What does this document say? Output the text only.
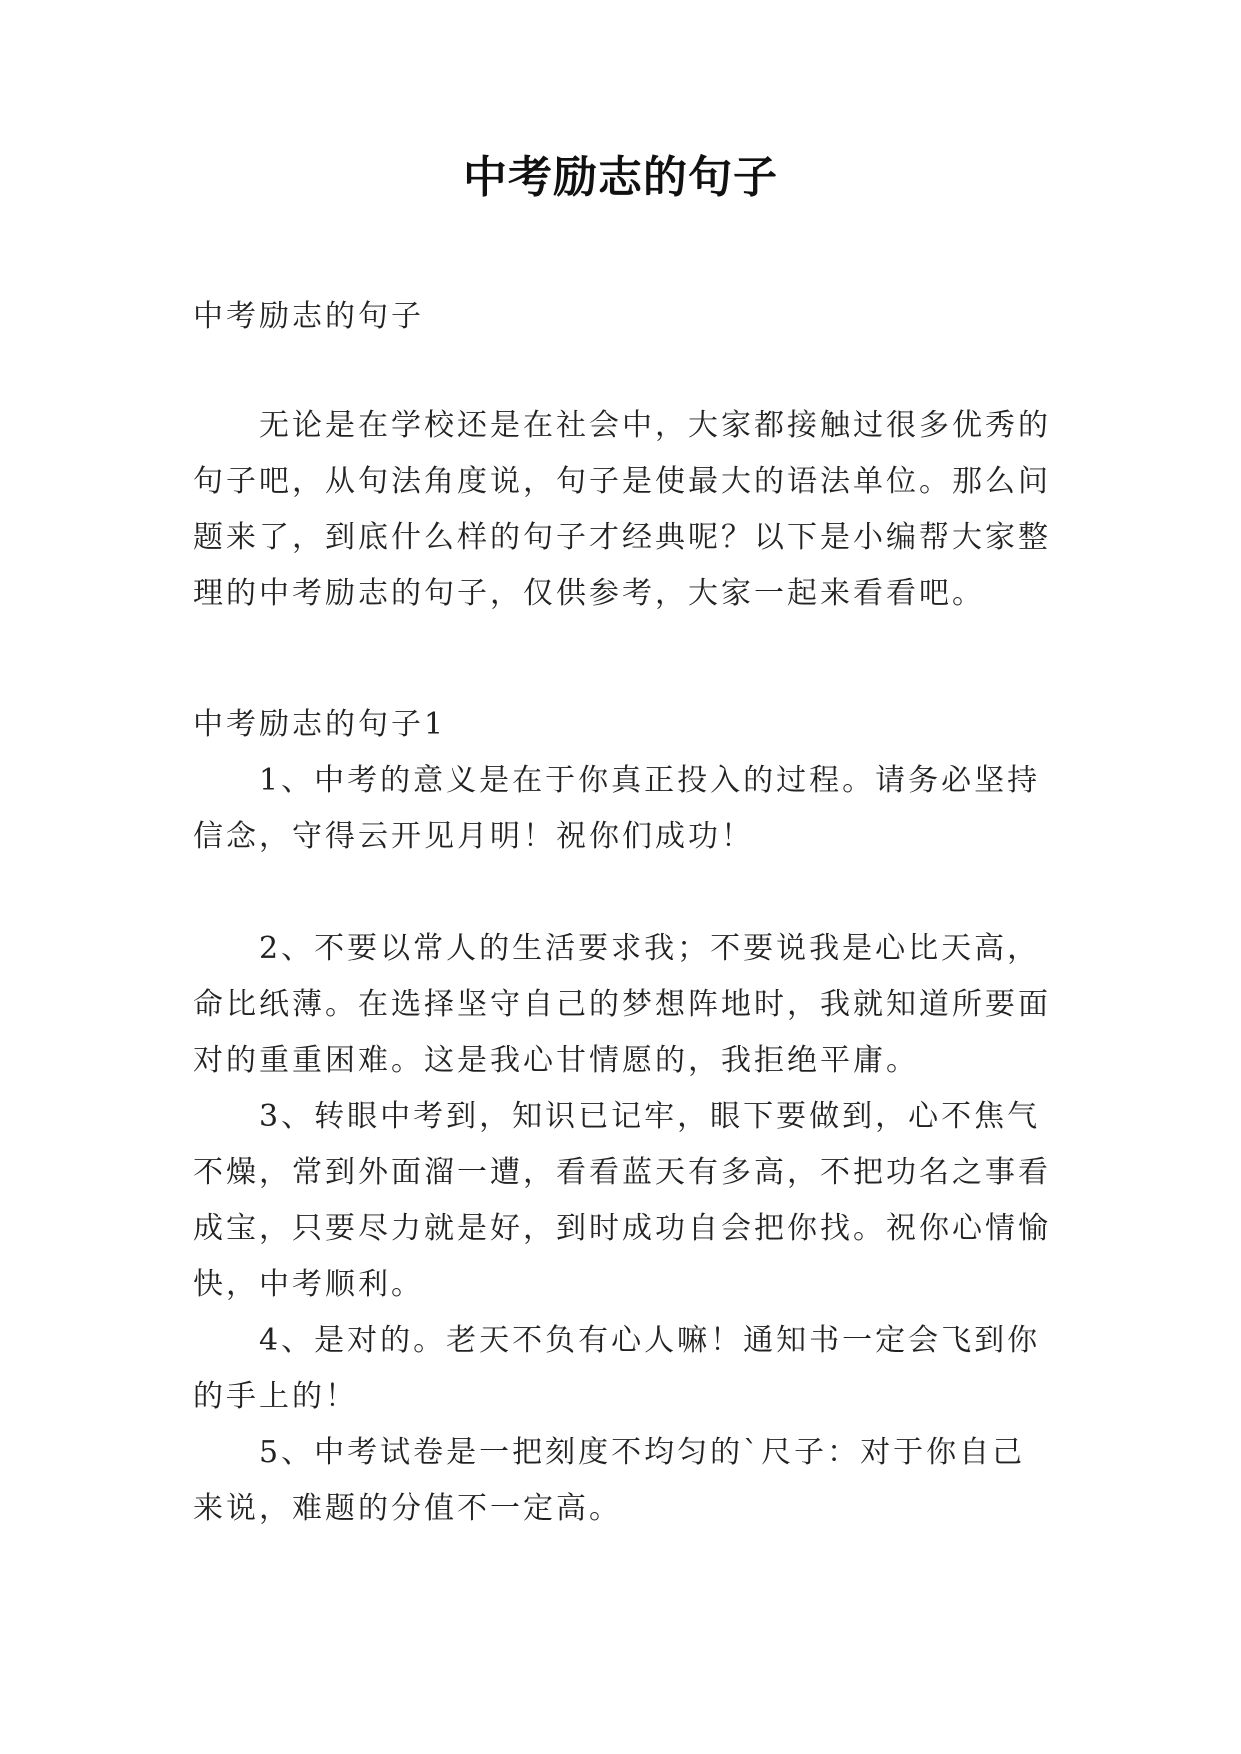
中考励志的句子
中考励志的句子
无论是在学校还是在社会中，大家都接触过很多优秀的句子吧，从句法角度说，句子是使最大的语法单位。那么问题来了，到底什么样的句子才经典呢？以下是小编帮大家整理的中考励志的句子，仅供参考，大家一起来看看吧。
中考励志的句子1

1、中考的意义是在于你真正投入的过程。请务必坚持信念，守得云开见月明！祝你们成功！

2、不要以常人的生活要求我；不要说我是心比天高，命比纸薄。在选择坚守自己的梦想阵地时，我就知道所要面对的重重困难。这是我心甘情愿的，我拒绝平庸。

3、转眼中考到，知识已记牢，眼下要做到，心不焦气不燥，常到外面溜一遭，看看蓝天有多高，不把功名之事看成宝，只要尽力就是好，到时成功自会把你找。祝你心情愉快，中考顺利。

4、是对的。老天不负有心人嘛！通知书一定会飞到你的手上的！

5、中考试卷是一把刻度不均匀的`尺子：对于你自己来说，难题的分值不一定高。
